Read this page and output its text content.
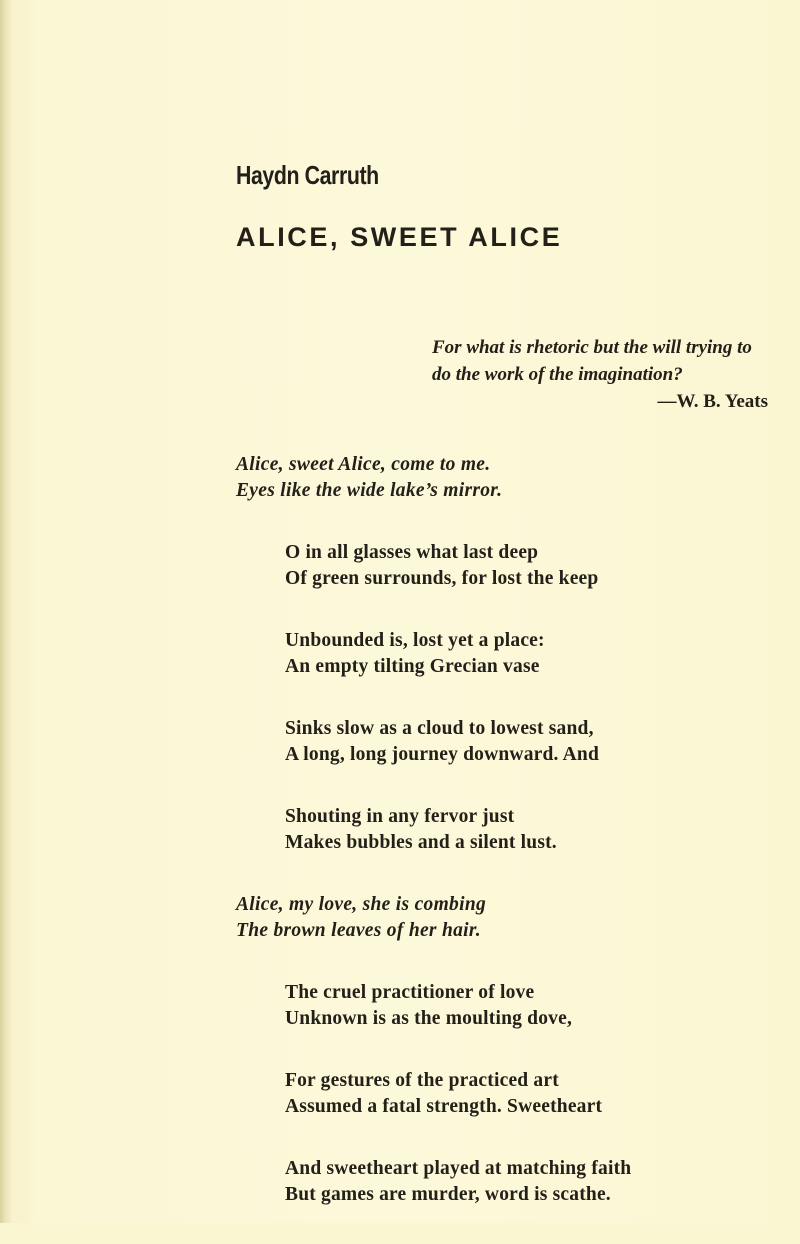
Haydn Carruth
ALICE, SWEET ALICE
For what is rhetoric but the will trying to
do the work of the imagination?
—W. B. Yeats
Alice, sweet Alice, come to me.
Eyes like the wide lake’s mirror.
O in all glasses what last deep
Of green surrounds, for lost the keep
Unbounded is, lost yet a place:
An empty tilting Grecian vase
Sinks slow as a cloud to lowest sand,
A long, long journey downward. And
Shouting in any fervor just
Makes bubbles and a silent lust.
Alice, my love, she is combing
The brown leaves of her hair.
The cruel practitioner of love
Unknown is as the moulting dove,
For gestures of the practiced art
Assumed a fatal strength. Sweetheart
And sweetheart played at matching faith
But games are murder, word is scathe.
